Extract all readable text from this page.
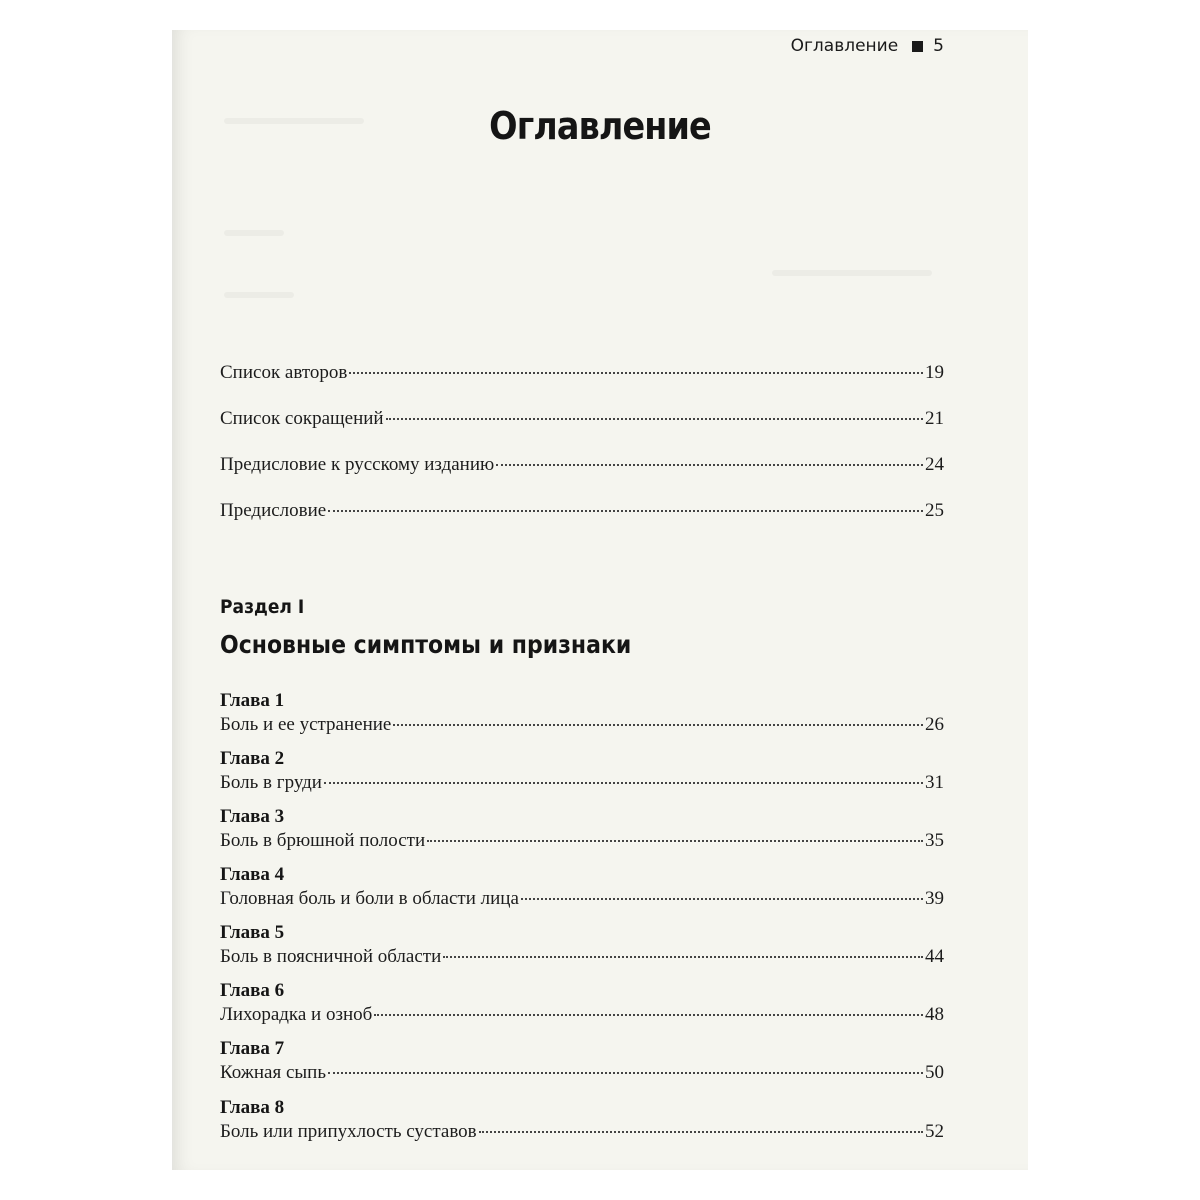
Оглавление 5
Оглавление
Список авторов	19
Список сокращений	21
Предисловие к русскому изданию	24
Предисловие	25
Раздел I
Основные симптомы и признаки
Глава 1
Боль и ее устранение	26
Глава 2
Боль в груди	31
Глава 3
Боль в брюшной полости	35
Глава 4
Головная боль и боли в области лица	39
Глава 5
Боль в поясничной области	44
Глава 6
Лихорадка и озноб	48
Глава 7
Кожная сыпь	50
Глава 8
Боль или припухлость суставов	52
